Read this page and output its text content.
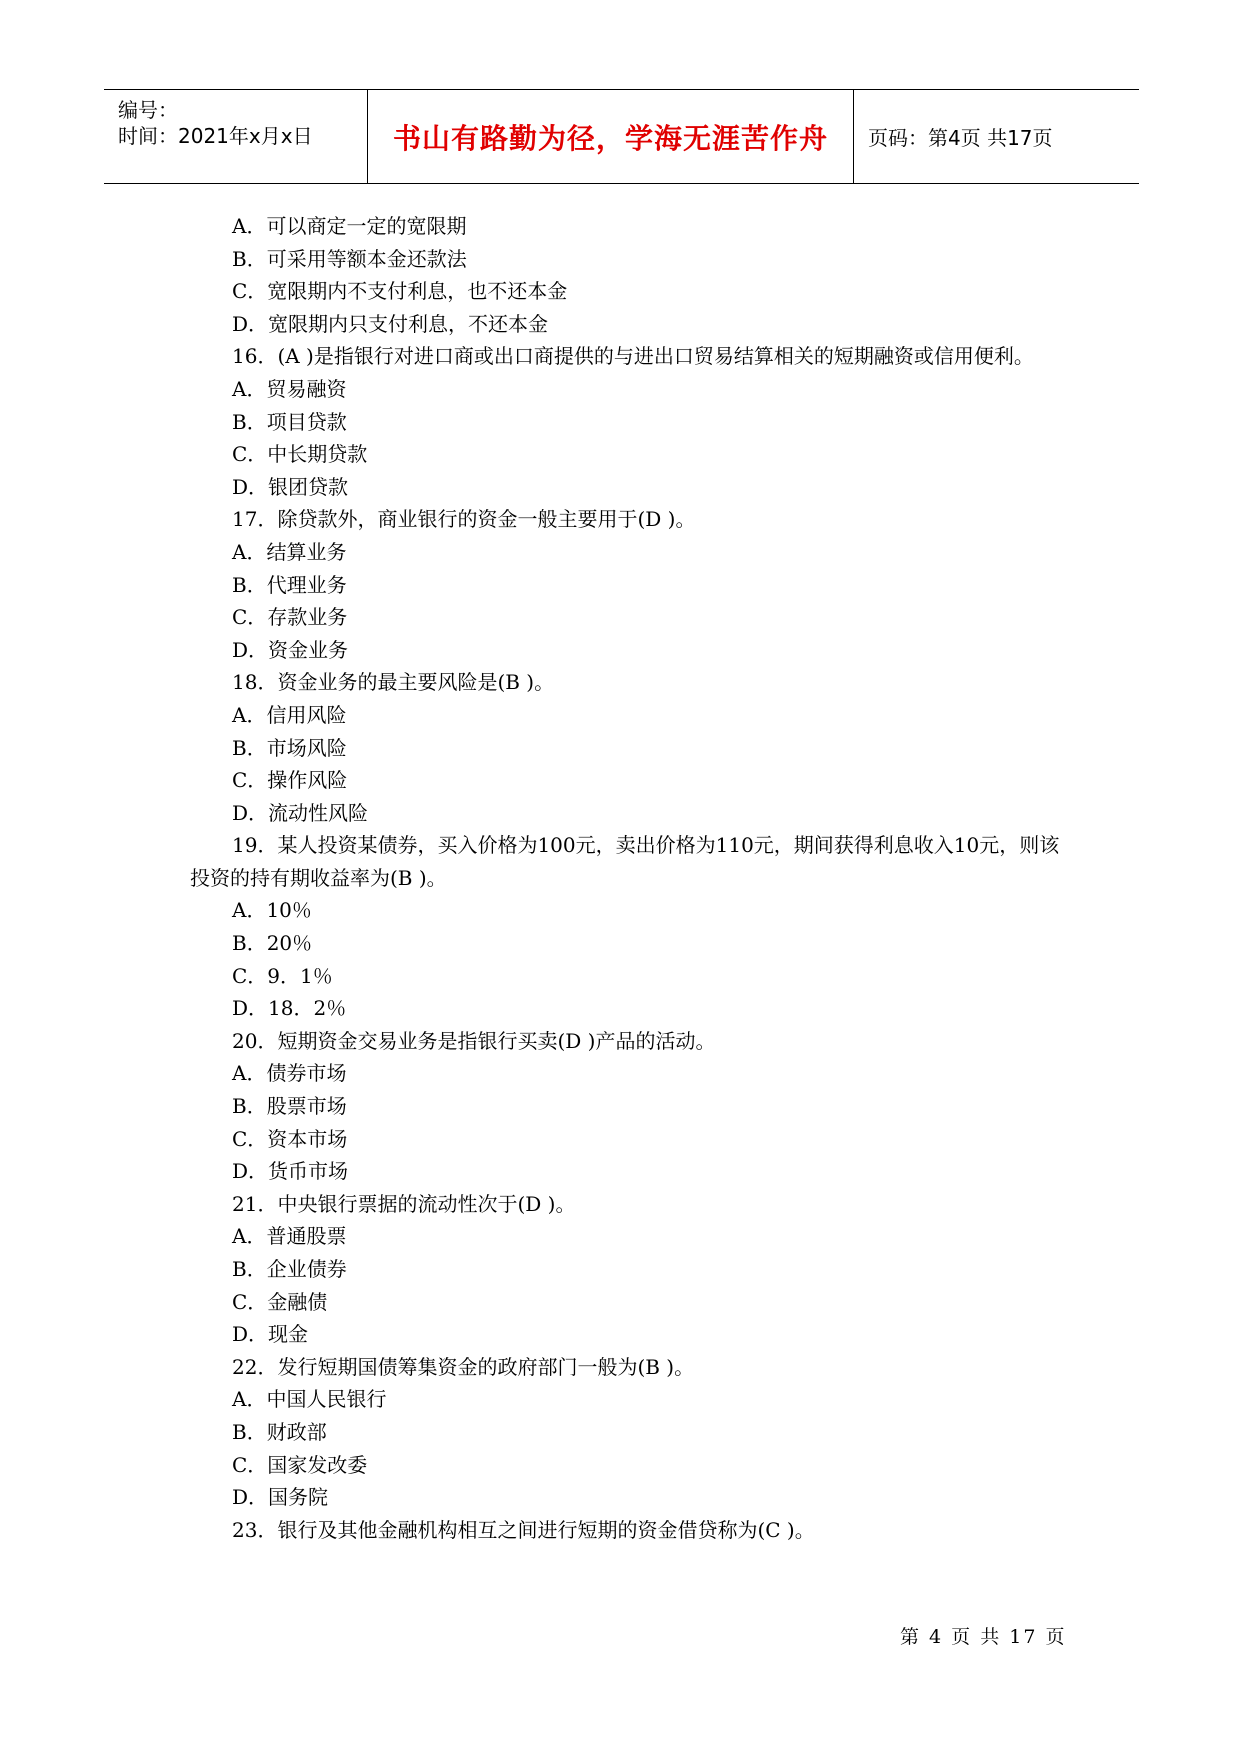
编号：
时间：2021年x月x日	书山有路勤为径，学海无涯苦作舟 页码：第4页 共17页
A．可以商定一定的宽限期
B．可采用等额本金还款法
C．宽限期内不支付利息，也不还本金
D．宽限期内只支付利息，不还本金
16．(A )是指银行对进口商或出口商提供的与进出口贸易结算相关的短期融资或信用便利。
A．贸易融资
B．项目贷款
C．中长期贷款
D．银团贷款
17．除贷款外，商业银行的资金一般主要用于(D )。
A．结算业务
B．代理业务
C．存款业务
D．资金业务
18．资金业务的最主要风险是(B )。
A．信用风险
B．市场风险
C．操作风险
D．流动性风险
19．某人投资某债券，买入价格为100元，卖出价格为110元，期间获得利息收入10元，则该投资的持有期收益率为(B )。
A．10％
B．20％
C．9．1％
D．18．2％
20．短期资金交易业务是指银行买卖(D )产品的活动。
A．债券市场
B．股票市场
C．资本市场
D．货币市场
21．中央银行票据的流动性次于(D )。
A．普通股票
B．企业债券
C．金融债
D．现金
22．发行短期国债筹集资金的政府部门一般为(B )。
A．中国人民银行
B．财政部
C．国家发改委
D．国务院
23．银行及其他金融机构相互之间进行短期的资金借贷称为(C )。
第 4 页 共 17 页
